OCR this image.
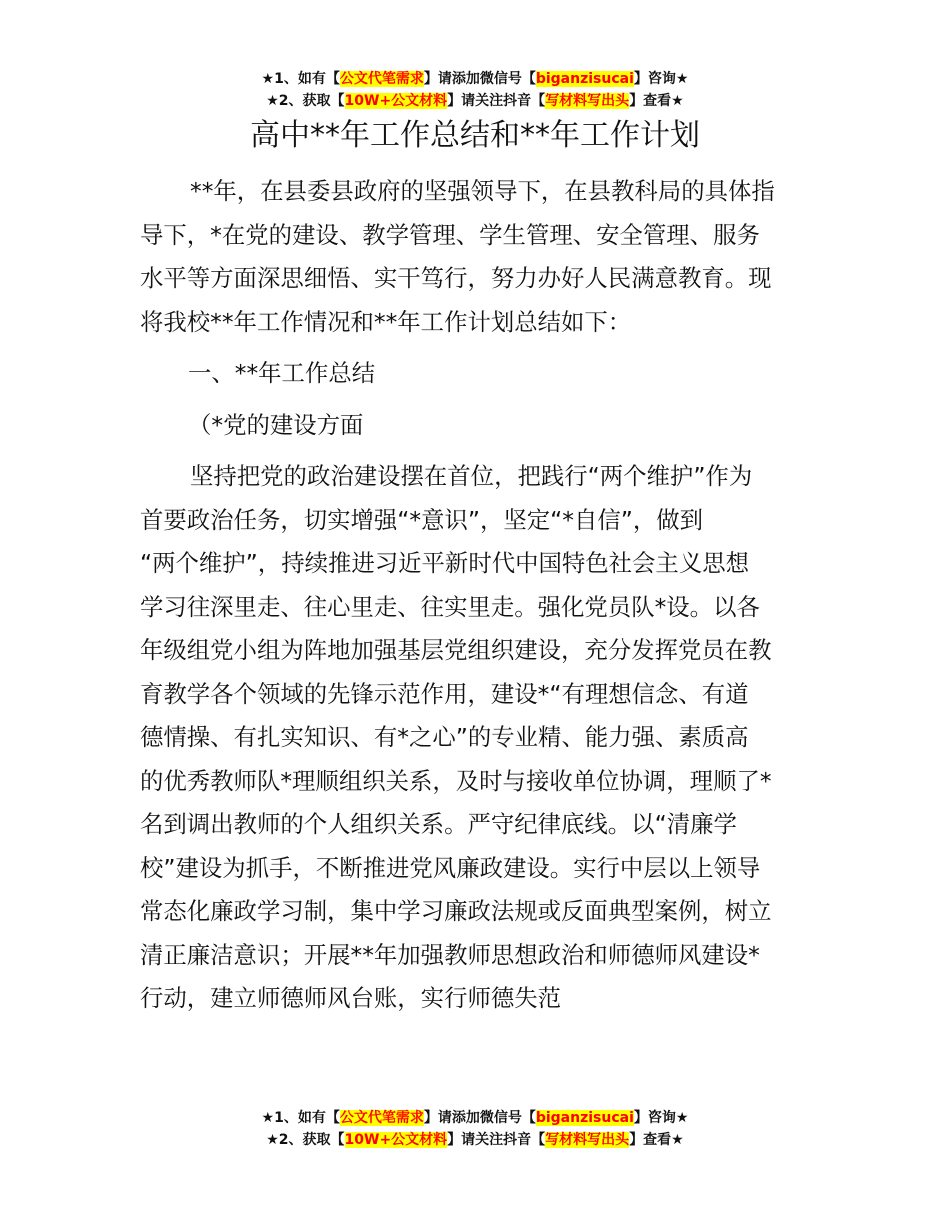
★1、如有【公文代笔需求】请添加微信号【biganzisucai】咨询★
★2、获取【10W+公文材料】请关注抖音【写材料写出头】查看★
高中**年工作总结和**年工作计划

**年，在县委县政府的坚强领导下，在县教科局的具体指

导下，*在党的建设、教学管理、学生管理、安全管理、服务

水平等方面深思细悟、实干笃行，努力办好人民满意教育。现

将我校**年工作情况和**年工作计划总结如下：

一、**年工作总结

（*党的建设方面

坚持把党的政治建设摆在首位，把践行“两个维护”作为

首要政治任务，切实增强“*意识”，坚定“*自信”，做到

“两个维护”，持续推进习近平新时代中国特色社会主义思想

学习往深里走、往心里走、往实里走。强化党员队*设。以各

年级组党小组为阵地加强基层党组织建设，充分发挥党员在教

育教学各个领域的先锋示范作用，建设*“有理想信念、有道

德情操、有扎实知识、有*之心”的专业精、能力强、素质高

的优秀教师队*理顺组织关系，及时与接收单位协调，理顺了*

名到调出教师的个人组织关系。严守纪律底线。以“清廉学

校”建设为抓手，不断推进党风廉政建设。实行中层以上领导

常态化廉政学习制，集中学习廉政法规或反面典型案例，树立

清正廉洁意识；开展**年加强教师思想政治和师德师风建设*

行动，建立师德师风台账，实行师德失范

★1、如有【公文代笔需求】请添加微信号【biganzisucai】咨询★
★2、获取【10W+公文材料】请关注抖音【写材料写出头】查看★
